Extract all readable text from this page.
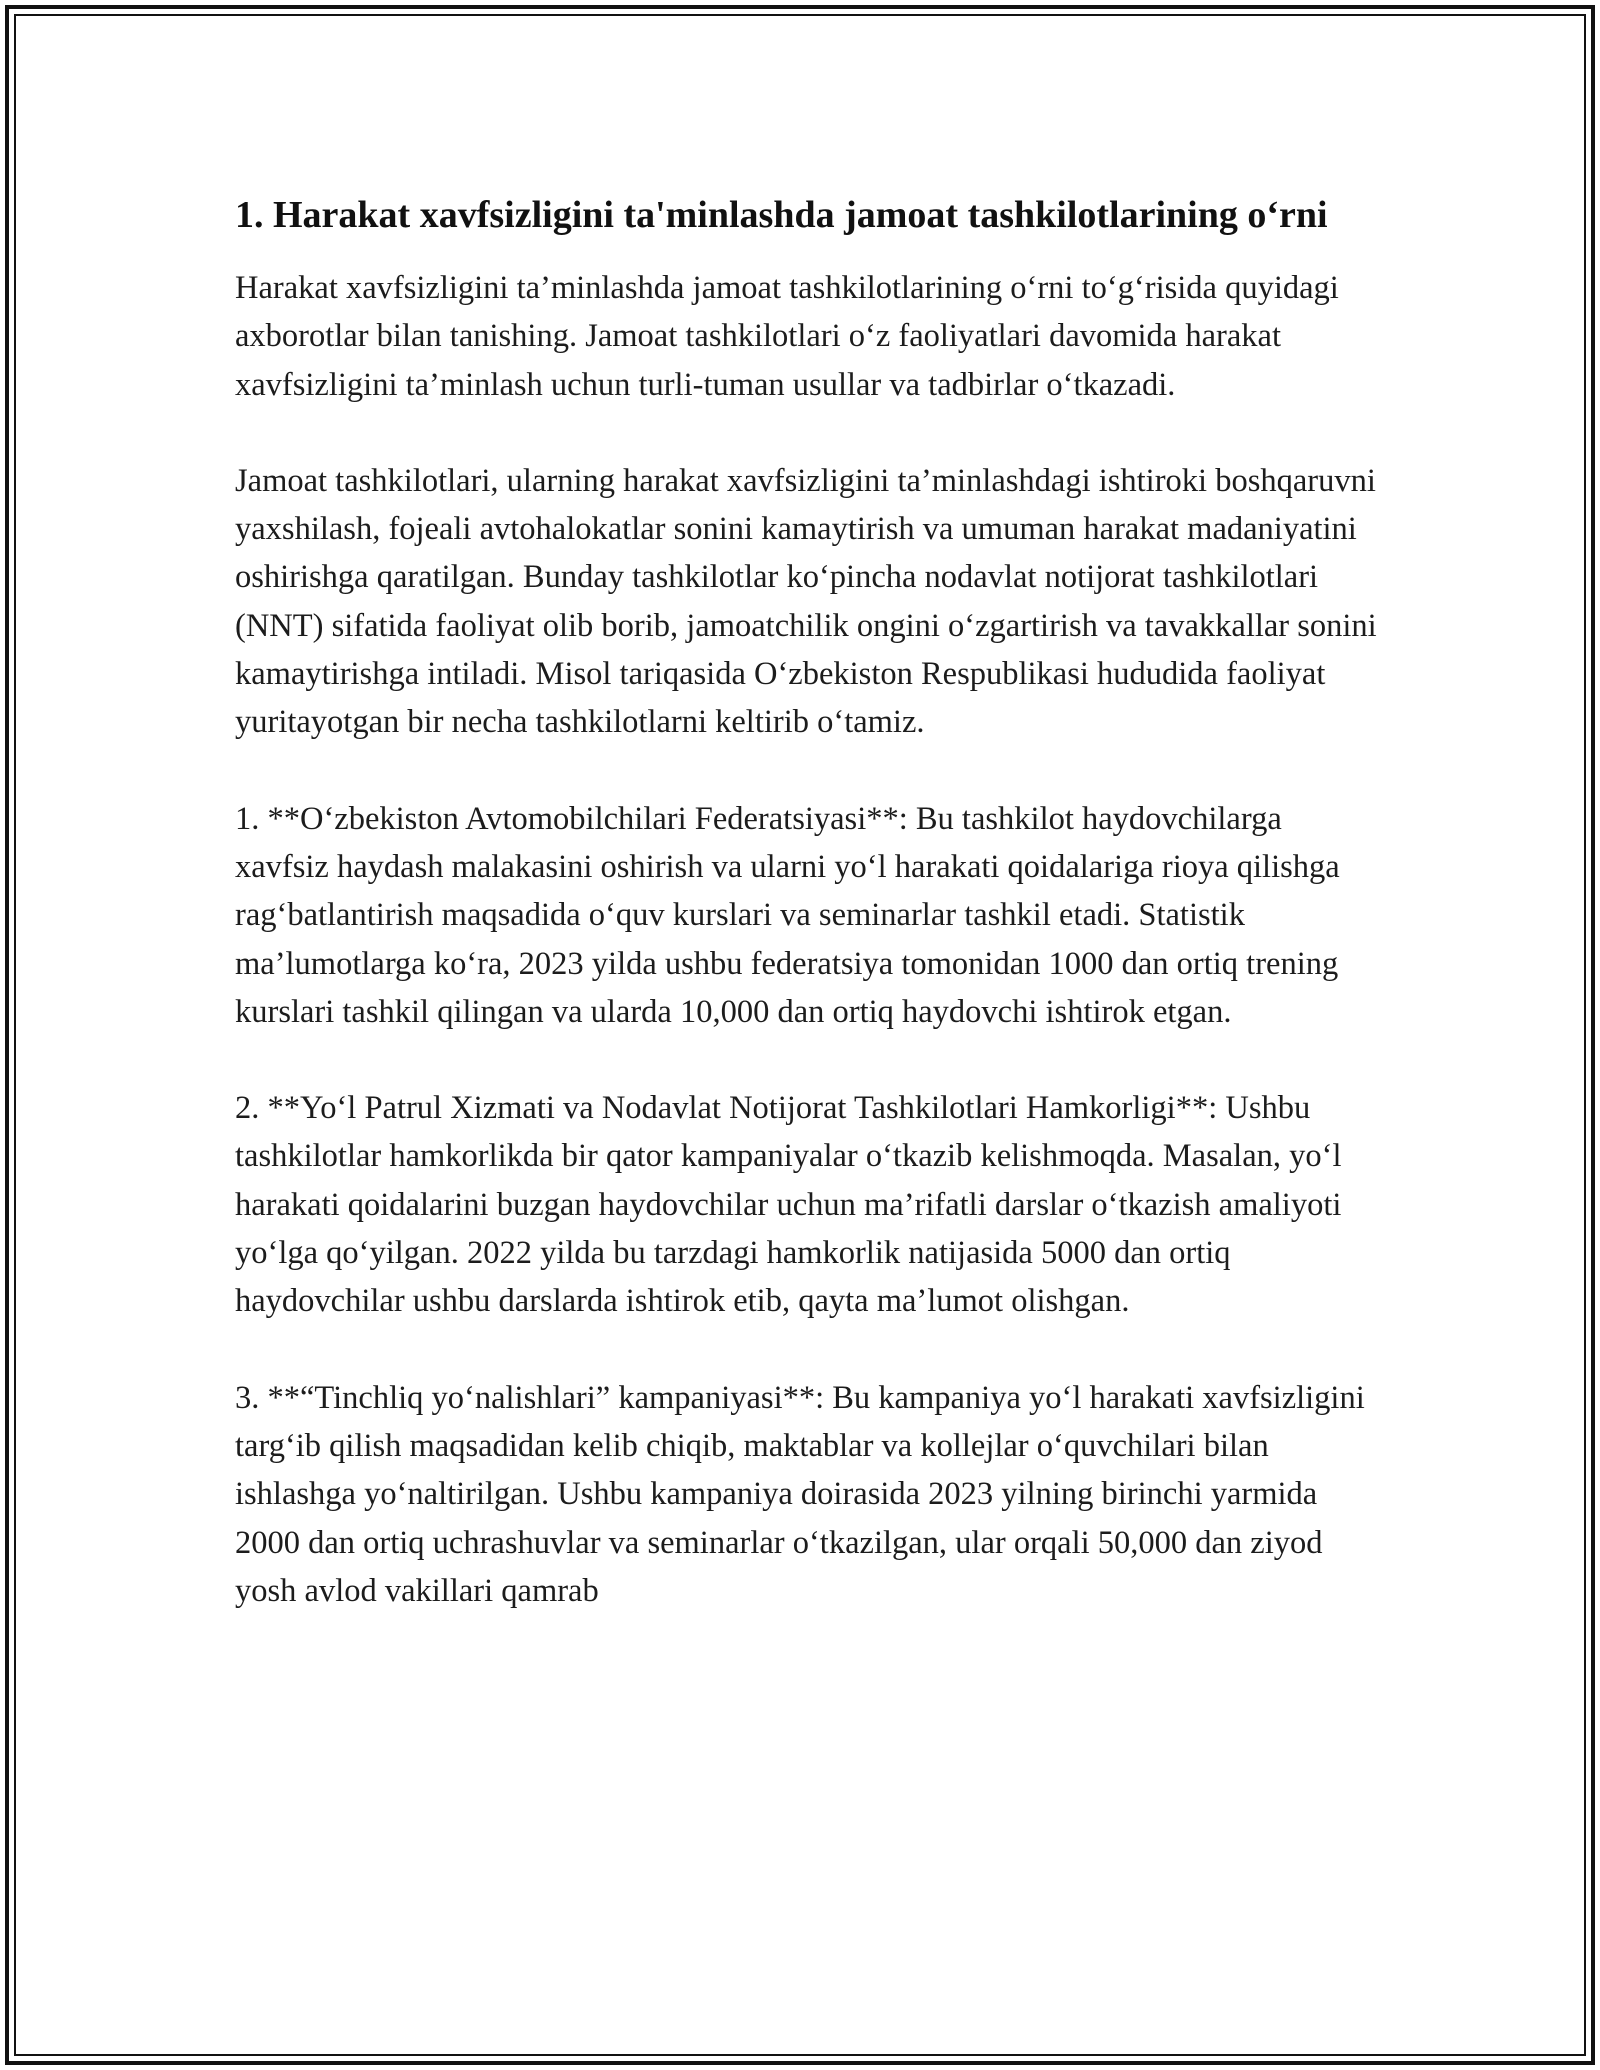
1. Harakat xavfsizligini ta'minlashda jamoat tashkilotlarining o‘rni

Harakat xavfsizligini ta’minlashda jamoat tashkilotlarining o‘rni to‘g‘risida quyidagi axborotlar bilan tanishing. Jamoat tashkilotlari o‘z faoliyatlari davomida harakat xavfsizligini ta’minlash uchun turli-tuman usullar va tadbirlar o‘tkazadi.

Jamoat tashkilotlari, ularning harakat xavfsizligini ta’minlashdagi ishtiroki boshqaruvni yaxshilash, fojeali avtohalokatlar sonini kamaytirish va umuman harakat madaniyatini oshirishga qaratilgan. Bunday tashkilotlar ko‘pincha nodavlat notijorat tashkilotlari (NNT) sifatida faoliyat olib borib, jamoatchilik ongini o‘zgartirish va tavakkallar sonini kamaytirishga intiladi. Misol tariqasida O‘zbekiston Respublikasi hududida faoliyat yuritayotgan bir necha tashkilotlarni keltirib o‘tamiz.

1. **O‘zbekiston Avtomobilchilari Federatsiyasi**: Bu tashkilot haydovchilarga xavfsiz haydash malakasini oshirish va ularni yo‘l harakati qoidalariga rioya qilishga rag‘batlantirish maqsadida o‘quv kurslari va seminarlar tashkil etadi. Statistik ma’lumotlarga ko‘ra, 2023 yilda ushbu federatsiya tomonidan 1000 dan ortiq trening kurslari tashkil qilingan va ularda 10,000 dan ortiq haydovchi ishtirok etgan.

2. **Yo‘l Patrul Xizmati va Nodavlat Notijorat Tashkilotlari Hamkorligi**: Ushbu tashkilotlar hamkorlikda bir qator kampaniyalar o‘tkazib kelishmoqda. Masalan, yo‘l harakati qoidalarini buzgan haydovchilar uchun ma’rifatli darslar o‘tkazish amaliyoti yo‘lga qo‘yilgan. 2022 yilda bu tarzdagi hamkorlik natijasida 5000 dan ortiq haydovchilar ushbu darslarda ishtirok etib, qayta ma’lumot olishgan.

3. **“Tinchliq yo‘nalishlari” kampaniyasi**: Bu kampaniya yo‘l harakati xavfsizligini targ‘ib qilish maqsadidan kelib chiqib, maktablar va kollejlar o‘quvchilari bilan ishlashga yo‘naltirilgan. Ushbu kampaniya doirasida 2023 yilning birinchi yarmida 2000 dan ortiq uchrashuvlar va seminarlar o‘tkazilgan, ular orqali 50,000 dan ziyod yosh avlod vakillari qamrab
